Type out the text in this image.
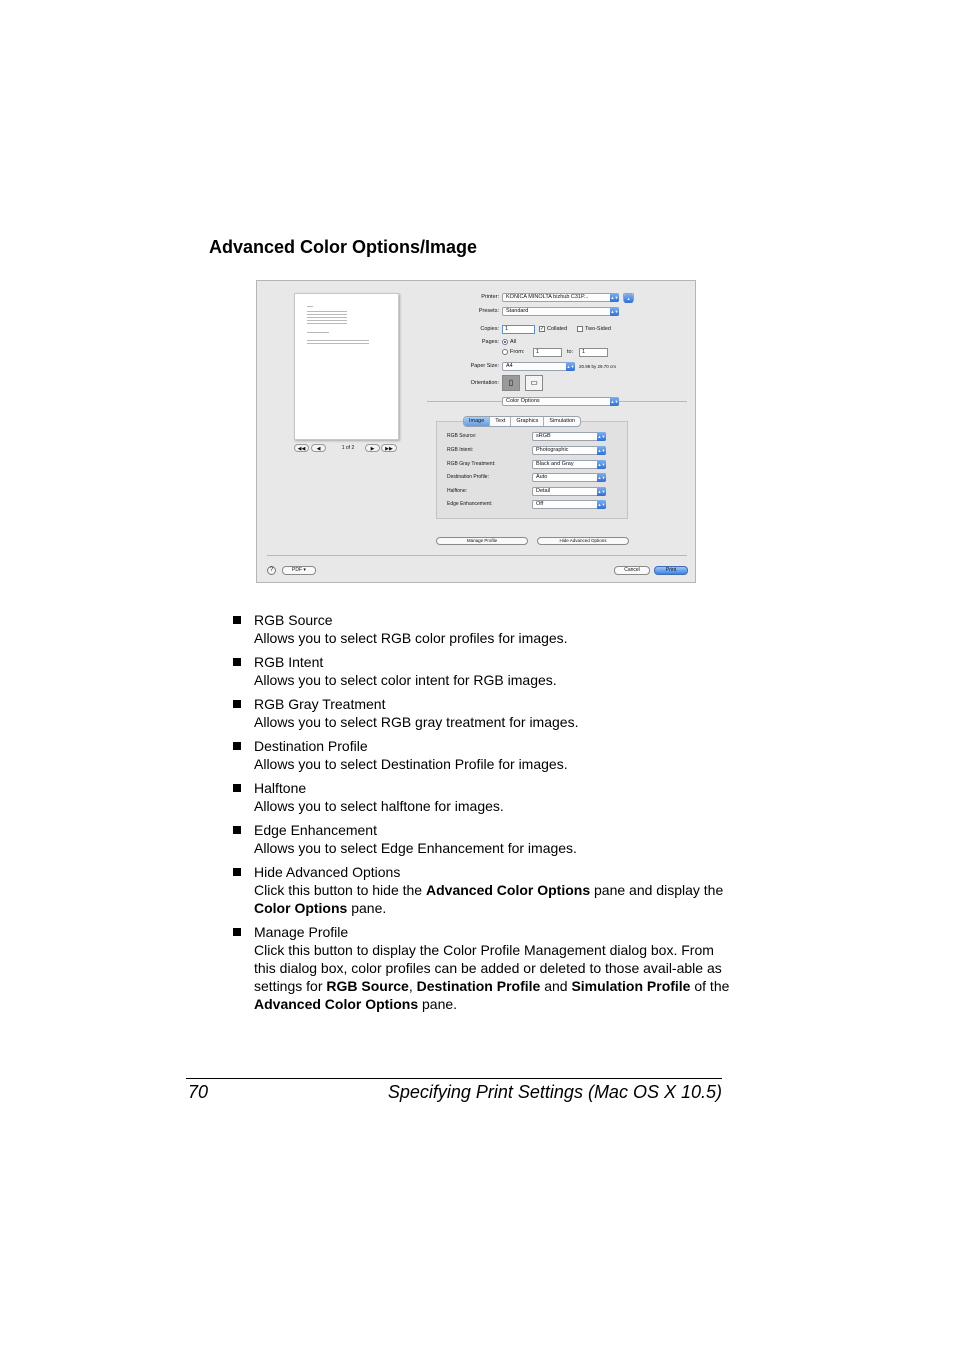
Advanced Color Options/Image
◀◀	◀	1 of 2	▶	▶▶
Printer:	KONICA MINOLTA bizhub C31P...	▲▼	▲
Presets:	Standard	▲▼
Copies:	1	✓ Collated	Two-Sided
Pages: All
From:	1	to:	1
Paper Size:	A4	▲▼ 20.99 by 29.70 cm
Orientation:	▯	▭
Color Options	▲▼
Image	Text	Graphics	Simulation
RGB Source:	sRGB	▲▼
RGB Intent:	Photographic	▲▼
RGB Gray Treatment:	Black and Gray	▲▼
Destination Profile:	Auto	▲▼
Halftone:	Detail	▲▼
Edge Enhancement:	Off	▲▼
Manage Profile	Hide Advanced Options
?	PDF ▾	Cancel	Print
RGB Source
Allows you to select RGB color profiles for images.
RGB Intent
Allows you to select color intent for RGB images.
RGB Gray Treatment
Allows you to select RGB gray treatment for images.
Destination Profile
Allows you to select Destination Profile for images.
Halftone
Allows you to select halftone for images.
Edge Enhancement
Allows you to select Edge Enhancement for images.
Hide Advanced Options
Click this button to hide the Advanced Color Options pane and display the Color Options pane.
Manage Profile
Click this button to display the Color Profile Management dialog box. From this dialog box, color profiles can be added or deleted to those avail-able as settings for RGB Source, Destination Profile and Simulation Profile of the Advanced Color Options pane.
70	Specifying Print Settings (Mac OS X 10.5)
